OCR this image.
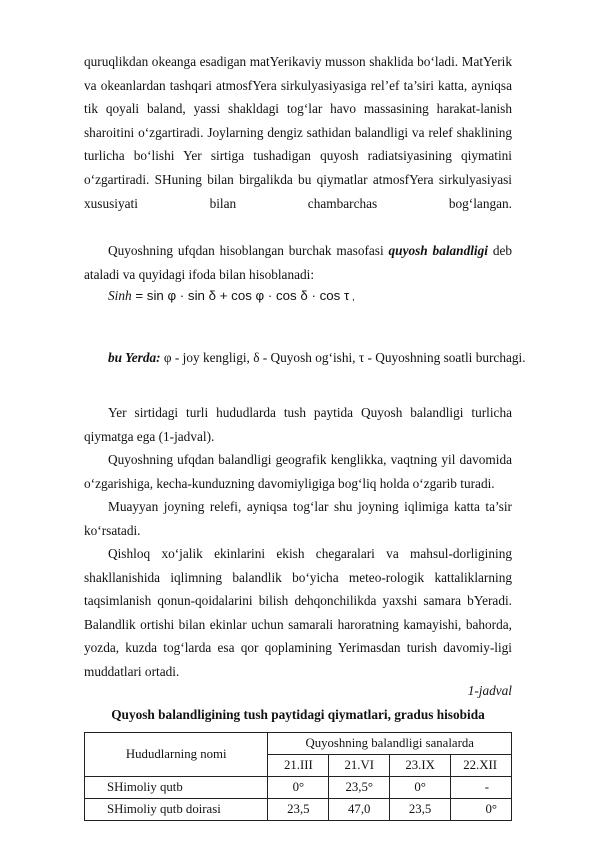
quruqlikdan okeanga esadigan matYerikaviy musson shaklida bo‘ladi. MatYerik va okeanlardan tashqari atmosfYera sirkulyasiyasiga rel’ef ta’siri katta, ayniqsa tik qoyali baland, yassi shakldagi tog‘lar havo massasining harakat-lanish sharoitini o‘zgartiradi. Joylarning dengiz sathidan balandligi va relef shaklining turlicha bo‘lishi Yer sirtiga tushadigan quyosh radiatsiyasining qiymatini o‘zgartiradi. SHuning bilan birgalikda bu qiymatlar atmosfYera sirkulyasiyasi xususiyati bilan chambarchas bog‘langan.
Quyoshning ufqdan hisoblangan burchak masofasi quyosh balandligi deb ataladi va quyidagi ifoda bilan hisoblanadi:
Sinh = sin φ · sin δ + cos φ · cos δ · cos τ ,
bu Yerda: φ - joy kengligi, δ - Quyosh og‘ishi, τ - Quyoshning soatli burchagi.
Yer sirtidagi turli hududlarda tush paytida Quyosh balandligi turlicha qiymatga ega (1-jadval).
Quyoshning ufqdan balandligi geografik kenglikka, vaqtning yil davomida o‘zgarishiga, kecha-kunduzning davomiyligiga bog‘liq holda o‘zgarib turadi.
Muayyan joyning relefi, ayniqsa tog‘lar shu joyning iqlimiga katta ta’sir ko‘rsatadi.
Qishloq xo‘jalik ekinlarini ekish chegaralari va mahsul-dorligining shakllanishida iqlimning balandlik bo‘yicha meteo-rologik kattaliklarning taqsimlanish qonun-qoidalarini bilish dehqonchilikda yaxshi samara bYeradi. Balandlik ortishi bilan ekinlar uchun samarali haroratning kamayishi, bahorda, yozda, kuzda tog‘larda esa qor qoplamining Yerimasdan turish davomiy-ligi muddatlari ortadi.
1-jadval
Quyosh balandligining tush paytidagi qiymatlari, gradus hisobida
Hududlarning nomi	Quyoshning balandligi sanalarda			
	21.III	21.VI	23.IX	22.XII
SHimoliy qutb	0°	23,5°	0°	-
SHimoliy qutb doirasi	23,5	47,0	23,5	0°
